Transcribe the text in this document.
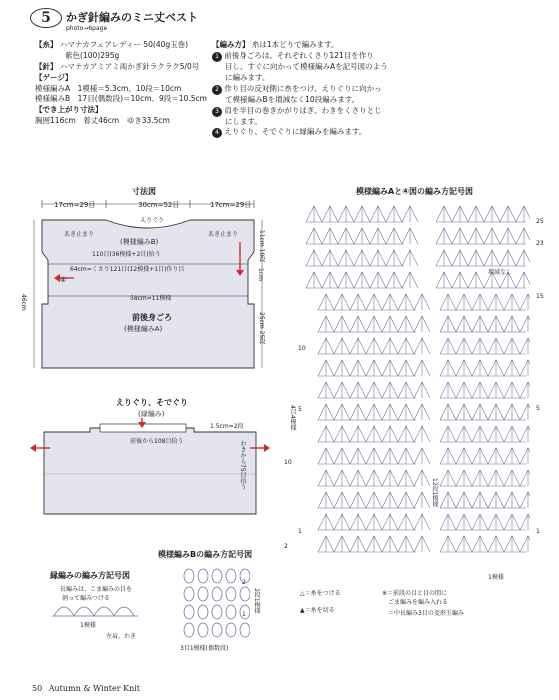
5 かぎ針編みのミニ丈ベスト
photo→6page
【糸】 ハマナカフェアレディー 50(40g玉巻)
紫色(100)295g
【針】 ハマナカアミアミ両かぎ針ラクラク5/0号
【ゲージ】
模様編みA　1模様＝5.3cm、10段＝10cm
模様編みB　17目(偶数段)＝10cm、9段＝10.5cm
【でき上がり寸法】
胸囲116cm　着丈46cm　ゆき33.5cm
【編み方】 糸は1本どりで編みます。
1 前後身ごろは、それぞれくさり121目を作り
目し、すぐに向かって模様編みAを記号図のよう
に編みます。
2 作り目の反対側に糸をつけ、えりぐりに向かっ
て模様編みBを増減なく10段編みます。
3 肩を半目の巻きかがりはぎ、わきをくさりとじ
にします。
4 えりぐり、そでぐりに縁編みを編みます。
寸法図
17cm=29目	30cm=52目	17cm=29目
えりぐり
あき止まり	あき止まり
(模様編みB)
110目(36模様+2目)拾う
64cm=くさり121目(12模様+1目)作り目
④
58cm=11模様
前後身ごろ
(模様編みA)
46cm
11cm 10段
1cm
25cm 25段
えりぐり、そでぐり
(縁編み)
1.5cm=2段
前後から108目拾う	わきから75目拾う
縁編みの編み方記号図
長編みは、こま編みの目を
割って編みつける
1模様
左肩、わき
模様編みBの編み方記号図
2
1
2段1模様
3目1模様(偶数段)
模様編みAと④図の編み方記号図
増減なし
25
23
15
5
1
10
5
1
10
2
4目4模様
12段1模様
1模様
△＝糸をつける
▲＝糸を切る
※＝前段の目と目の間に
ごま編みを編み入れる
＝中長編み3目の変形玉編み
50 Autumn & Winter Knit
